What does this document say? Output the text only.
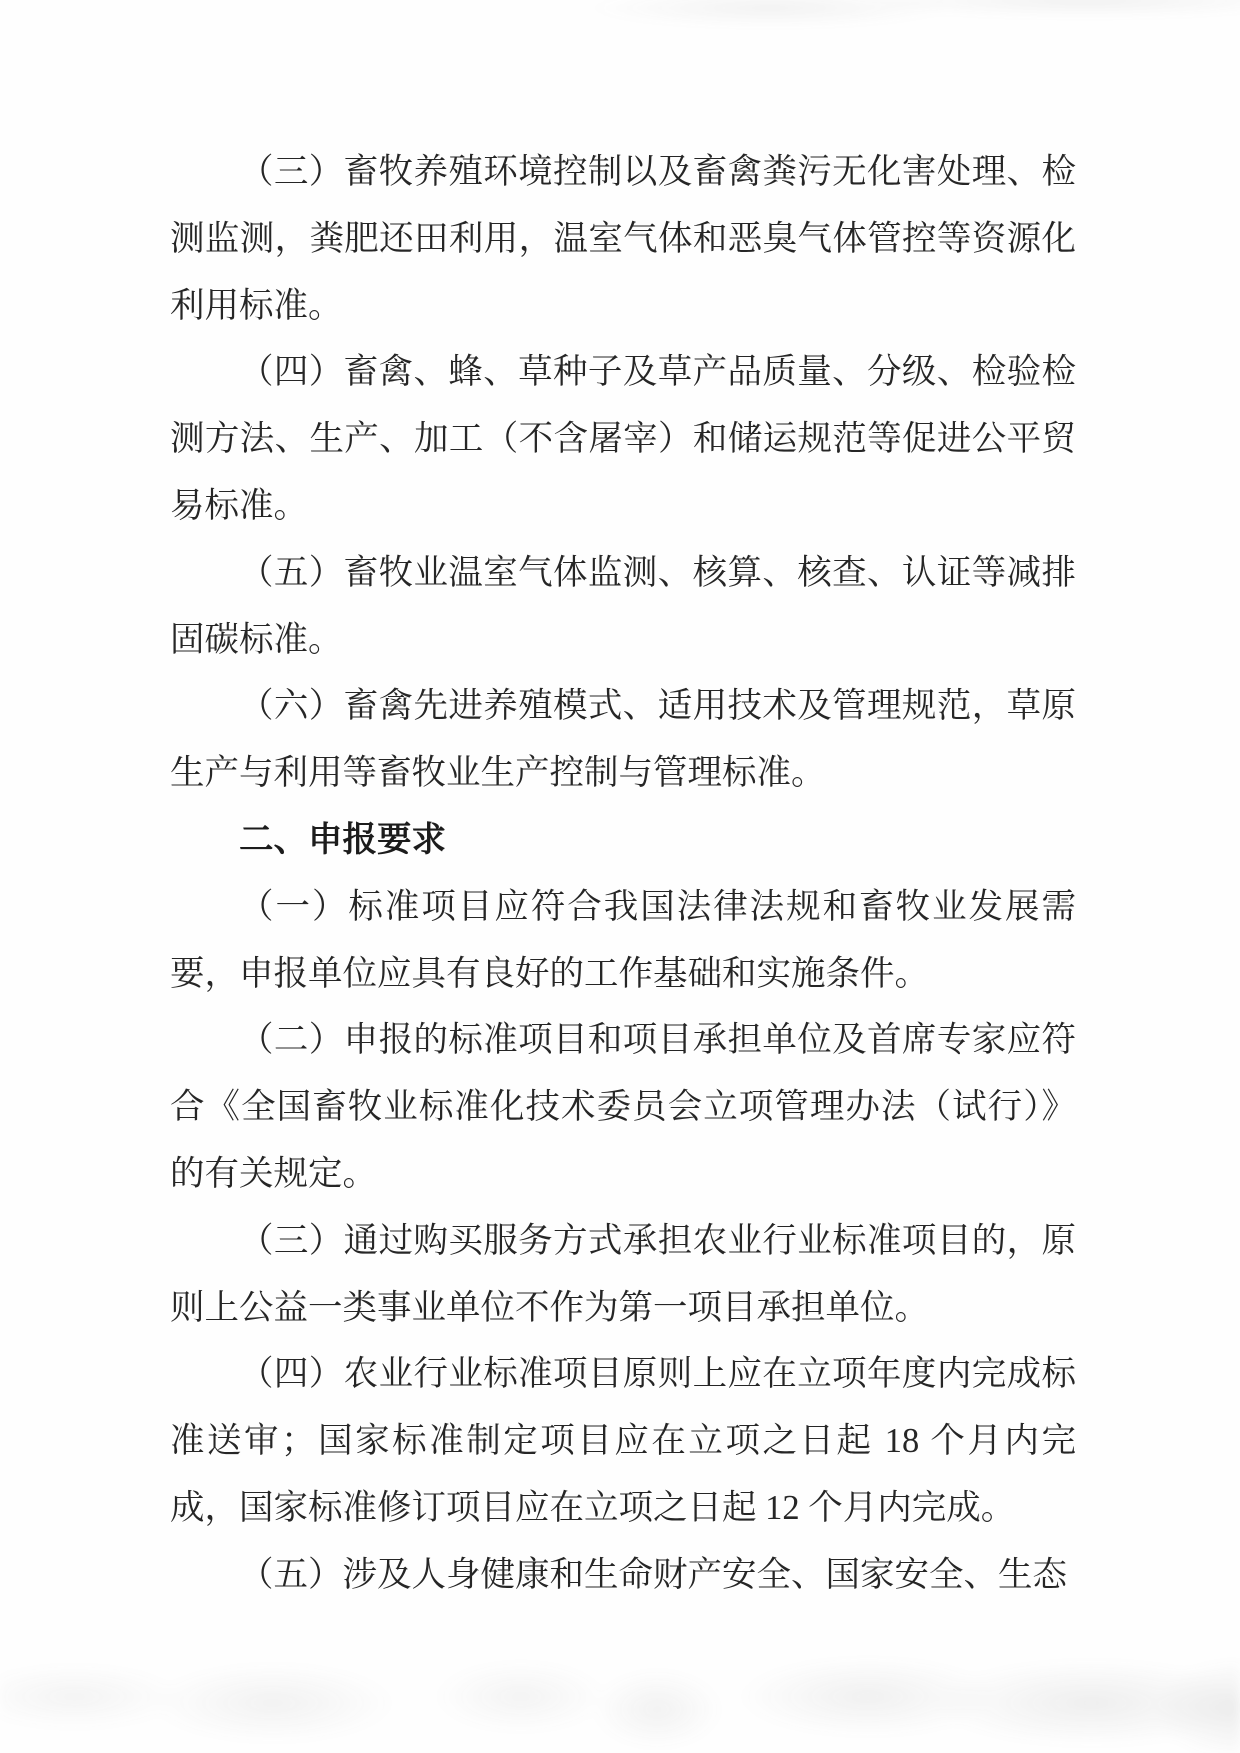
（三）畜牧养殖环境控制以及畜禽粪污无化害处理、检测监测，粪肥还田利用，温室气体和恶臭气体管控等资源化利用标准。

（四）畜禽、蜂、草种子及草产品质量、分级、检验检测方法、生产、加工（不含屠宰）和储运规范等促进公平贸易标准。

（五）畜牧业温室气体监测、核算、核查、认证等减排固碳标准。

（六）畜禽先进养殖模式、适用技术及管理规范，草原生产与利用等畜牧业生产控制与管理标准。

二、申报要求

（一）标准项目应符合我国法律法规和畜牧业发展需要，申报单位应具有良好的工作基础和实施条件。

（二）申报的标准项目和项目承担单位及首席专家应符合《全国畜牧业标准化技术委员会立项管理办法（试行）》的有关规定。

（三）通过购买服务方式承担农业行业标准项目的，原则上公益一类事业单位不作为第一项目承担单位。

（四）农业行业标准项目原则上应在立项年度内完成标准送审；国家标准制定项目应在立项之日起 18 个月内完成，国家标准修订项目应在立项之日起 12 个月内完成。

（五）涉及人身健康和生命财产安全、国家安全、生态
